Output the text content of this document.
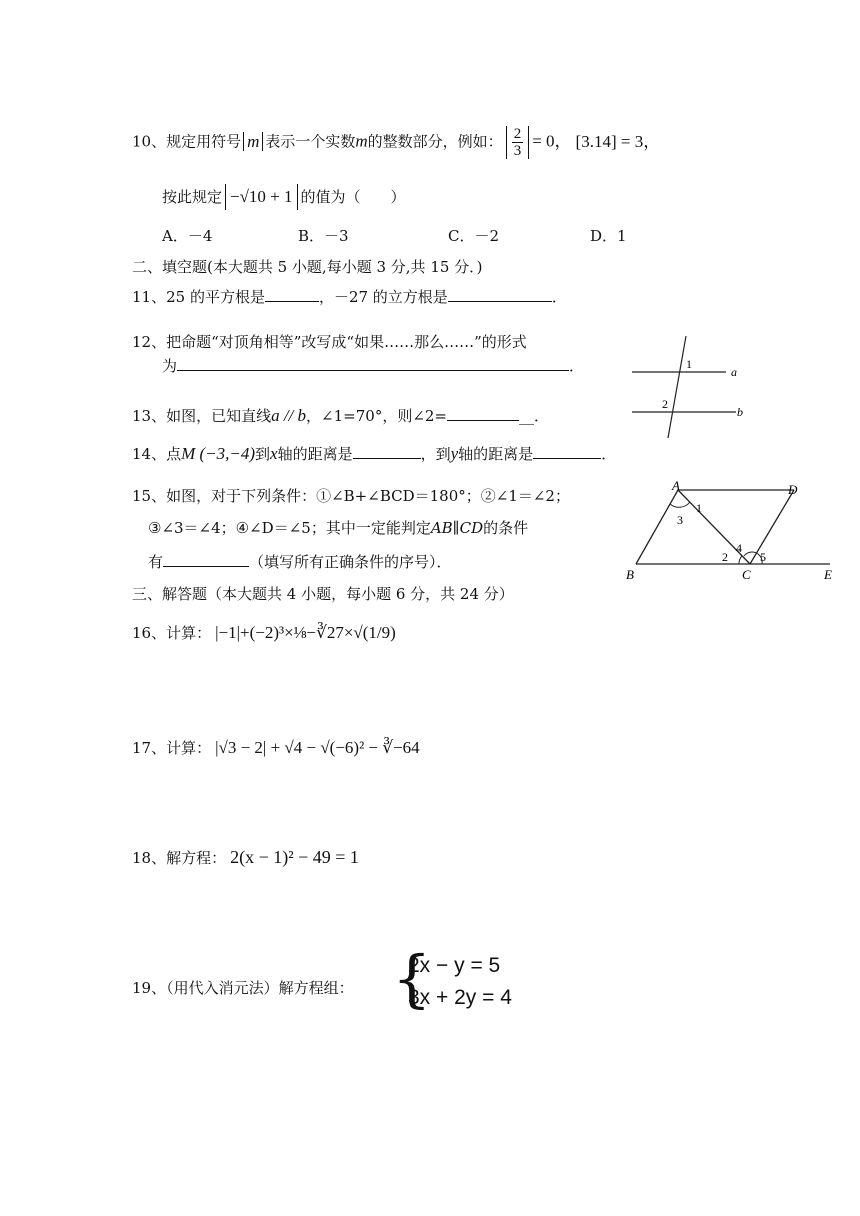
10、规定用符号 m 表示一个实数m的整数部分，例如： $\frac{2}{3} = 0$， [3.14] = 3，
按此规定 −√10 + 1 的值为（　　）
A．－4	B．－3	C．－2	D．1
二、填空题(本大题共 5 小题,每小题 3 分,共 15 分．)
11、25 的平方根是	，－27 的立方根是	．
12、把命题“对顶角相等”改写成“如果……那么……”的形式
为	．
13、如图，已知直线a // b，∠1=70°，则∠2=	__．
14、点M (−3,−4)到x轴的距离是	，到y轴的距离是	．
15、如图，对于下列条件：①∠B+∠BCD＝180°；②∠1＝∠2；
③∠3＝∠4；④∠D＝∠5；其中一定能判定AB∥CD的条件
有	（填写所有正确条件的序号）．
三、解答题（本大题共 4 小题，每小题 6 分，共 24 分）
16、计算： |−1|+(−2)³×⅛−∛27×√(1/9)
17、计算： |√3 − 2| + √4 − √(−6)² − ∛−64
18、解方程： 2(x − 1)² − 49 = 1
19、（用代入消元法）解方程组： {
2x − y = 5
3x + 2y = 4
1
2
a
b
A
B	C
D
E
1
3
2
4
5
